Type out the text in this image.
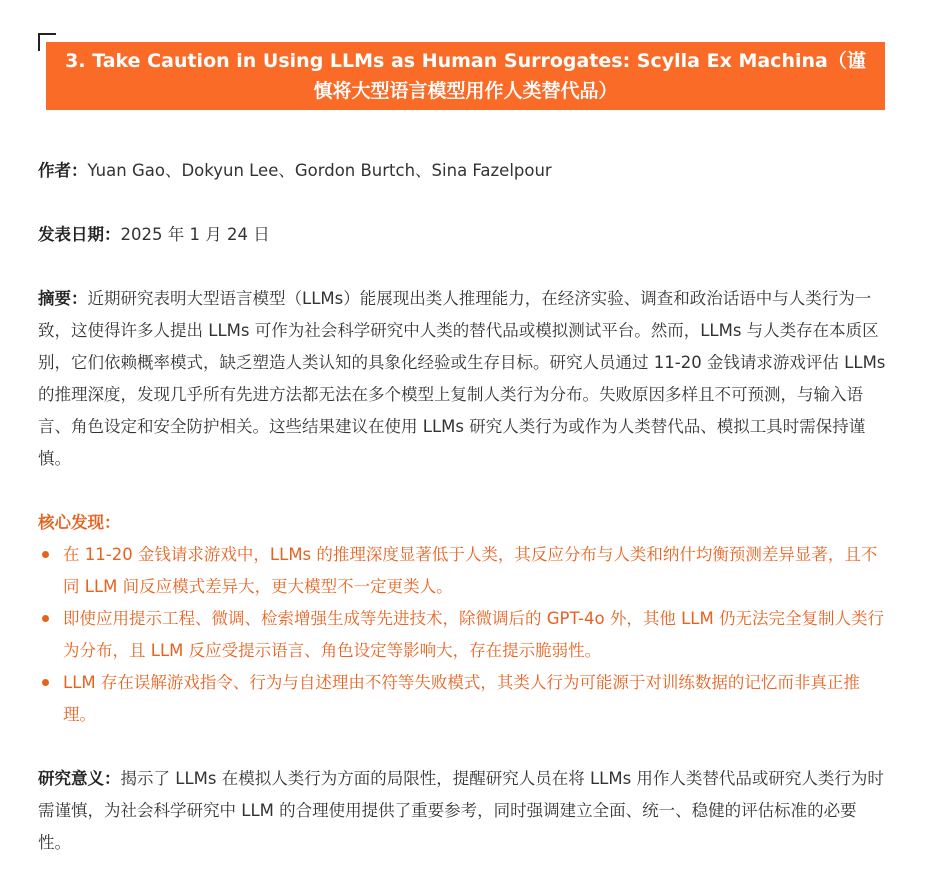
3. Take Caution in Using LLMs as Human Surrogates: Scylla Ex Machina（谨慎将大型语言模型用作人类替代品）

作者：Yuan Gao、Dokyun Lee、Gordon Burtch、Sina Fazelpour

发表日期：2025 年 1 月 24 日

摘要：近期研究表明大型语言模型（LLMs）能展现出类人推理能力，在经济实验、调查和政治话语中与人类行为一致，这使得许多人提出 LLMs 可作为社会科学研究中人类的替代品或模拟测试平台。然而，LLMs 与人类存在本质区别，它们依赖概率模式，缺乏塑造人类认知的具象化经验或生存目标。研究人员通过 11-20 金钱请求游戏评估 LLMs 的推理深度，发现几乎所有先进方法都无法在多个模型上复制人类行为分布。失败原因多样且不可预测，与输入语言、角色设定和安全防护相关。这些结果建议在使用 LLMs 研究人类行为或作为人类替代品、模拟工具时需保持谨慎。

核心发现：
在 11-20 金钱请求游戏中，LLMs 的推理深度显著低于人类，其反应分布与人类和纳什均衡预测差异显著，且不同 LLM 间反应模式差异大，更大模型不一定更类人。
即使应用提示工程、微调、检索增强生成等先进技术，除微调后的 GPT-4o 外，其他 LLM 仍无法完全复制人类行为分布，且 LLM 反应受提示语言、角色设定等影响大，存在提示脆弱性。
LLM 存在误解游戏指令、行为与自述理由不符等失败模式，其类人行为可能源于对训练数据的记忆而非真正推理。

研究意义：揭示了 LLMs 在模拟人类行为方面的局限性，提醒研究人员在将 LLMs 用作人类替代品或研究人类行为时需谨慎，为社会科学研究中 LLM 的合理使用提供了重要参考，同时强调建立全面、统一、稳健的评估标准的必要性。
